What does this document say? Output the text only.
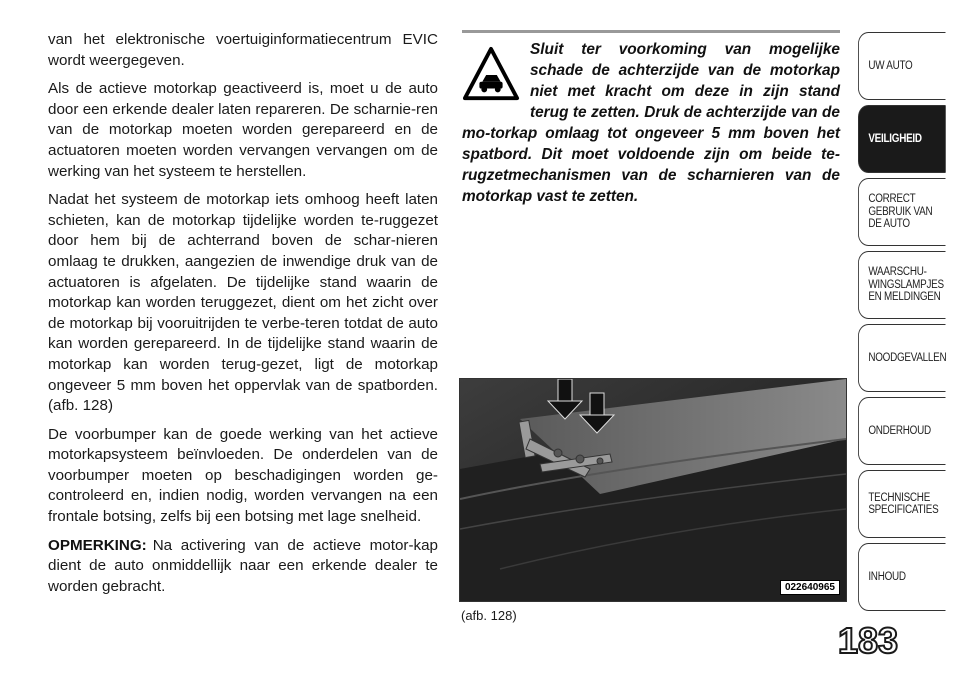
van het elektronische voertuiginformatiecentrum EVIC wordt weergegeven.

Als de actieve motorkap geactiveerd is, moet u de auto door een erkende dealer laten repareren. De scharnie-ren van de motorkap moeten worden gerepareerd en de actuatoren moeten worden vervangen vervangen om de werking van het systeem te herstellen.

Nadat het systeem de motorkap iets omhoog heeft laten schieten, kan de motorkap tijdelijke worden te-ruggezet door hem bij de achterrand boven de schar-nieren omlaag te drukken, aangezien de inwendige druk van de actuatoren is afgelaten. De tijdelijke stand waarin de motorkap kan worden teruggezet, dient om het zicht over de motorkap bij vooruitrijden te verbe-teren totdat de auto kan worden gerepareerd. In de tijdelijke stand waarin de motorkap kan worden terug-gezet, ligt de motorkap ongeveer 5 mm boven het oppervlak van de spatborden. (afb. 128)

De voorbumper kan de goede werking van het actieve motorkapsysteem beïnvloeden. De onderdelen van de voorbumper moeten op beschadigingen worden ge-controleerd en, indien nodig, worden vervangen na een frontale botsing, zelfs bij een botsing met lage snelheid.

OPMERKING: Na activering van de actieve motor-kap dient de auto onmiddellijk naar een erkende dealer te worden gebracht.

Sluit ter voorkoming van mogelijke schade de achterzijde van de motorkap niet met kracht om deze in zijn stand terug te zetten. Druk de achterzijde van de mo-torkap omlaag tot ongeveer 5 mm boven het spatbord. Dit moet voldoende zijn om beide te-rugzetmechanismen van de scharnieren van de motorkap vast te zetten.

022640965
(afb. 128)
183
UW AUTO
VEILIGHEID
CORRECT
GEBRUIK VAN
DE AUTO
WAARSCHU-
WINGSLAMPJES
EN MELDINGEN
NOODGEVALLEN
ONDERHOUD
TECHNISCHE
SPECIFICATIES
INHOUD
